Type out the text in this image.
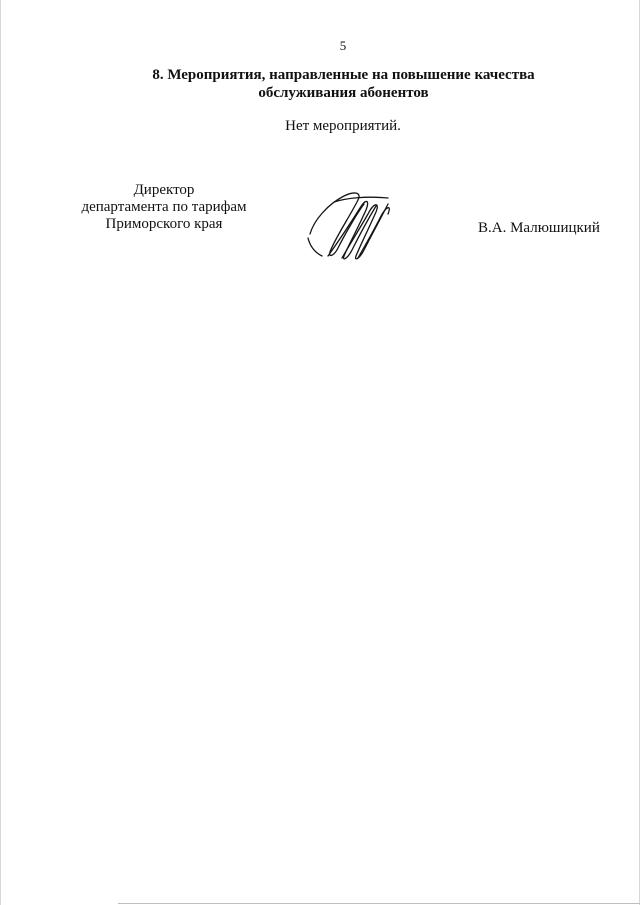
5
8. Мероприятия, направленные на повышение качества
обслуживания абонентов
Нет мероприятий.
Директор
департамента по тарифам
Приморского края	В.А. Малюшицкий
